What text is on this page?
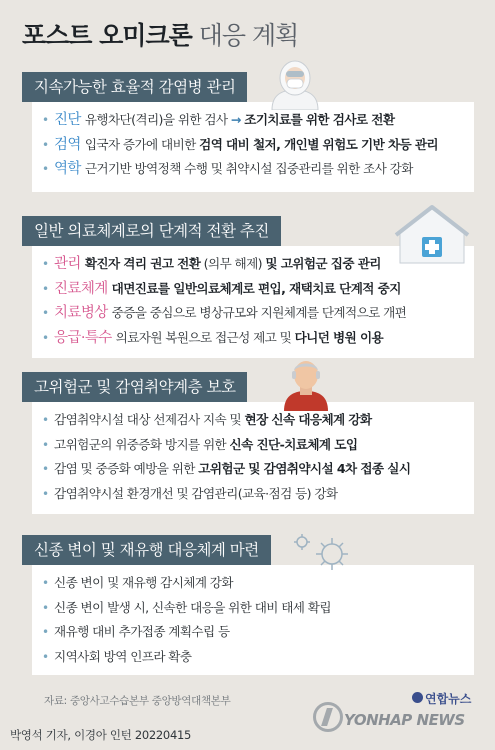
포스트 오미크론 대응 계획
• 진단 유행차단(격리)을 위한 검사 → 조기치료를 위한 검사로 전환
• 검역 입국자 증가에 대비한 검역 대비 철저, 개인별 위험도 기반 차등 관리
• 역학 근거기반 방역정책 수행 및 취약시설 집중관리를 위한 조사 강화
지속가능한 효율적 감염병 관리
• 관리 확진자 격리 권고 전환 (의무 해제) 및 고위험군 집중 관리
• 진료체계 대면진료를 일반의료체계로 편입, 재택치료 단계적 중지
• 치료병상 중증을 중심으로 병상규모와 지원체계를 단계적으로 개편
• 응급·특수 의료자원 복원으로 접근성 제고 및 다니던 병원 이용
일반 의료체계로의 단계적 전환 추진
• 감염취약시설 대상 선제검사 지속 및 현장 신속 대응체계 강화
• 고위험군의 위중증화 방지를 위한 신속 진단-치료체계 도입
• 감염 및 중증화 예방을 위한 고위험군 및 감염취약시설 4차 접종 실시
• 감염취약시설 환경개선 및 감염관리(교육·점검 등) 강화
고위험군 및 감염취약계층 보호
• 신종 변이 및 재유행 감시체계 강화
• 신종 변이 발생 시, 신속한 대응을 위한 대비 태세 확립
• 재유행 대비 추가접종 계획수립 등
• 지역사회 방역 인프라 확충
신종 변이 및 재유행 대응체계 마련
자료: 중앙사고수습본부 중앙방역대책본부	연합뉴스
YONHAP NEWS
박영석 기자, 이경아 인턴 20220415
